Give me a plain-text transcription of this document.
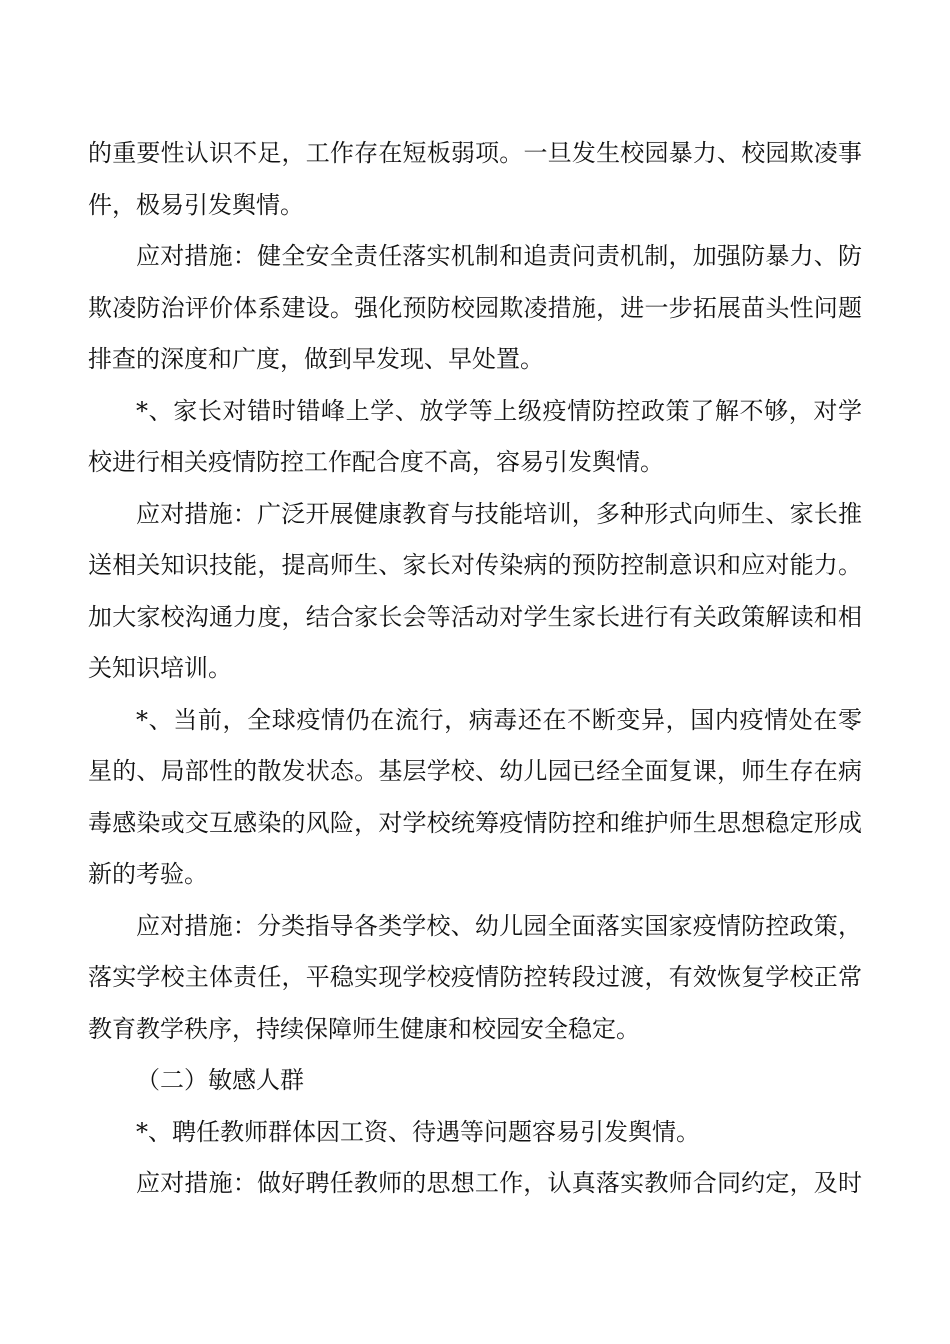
的重要性认识不足，工作存在短板弱项。一旦发生校园暴力、校园欺凌事
件，极易引发舆情。
应对措施：健全安全责任落实机制和追责问责机制，加强防暴力、防
欺凌防治评价体系建设。强化预防校园欺凌措施，进一步拓展苗头性问题
排查的深度和广度，做到早发现、早处置。
*、家长对错时错峰上学、放学等上级疫情防控政策了解不够，对学
校进行相关疫情防控工作配合度不高，容易引发舆情。
应对措施：广泛开展健康教育与技能培训，多种形式向师生、家长推
送相关知识技能，提高师生、家长对传染病的预防控制意识和应对能力。
加大家校沟通力度，结合家长会等活动对学生家长进行有关政策解读和相
关知识培训。
*、当前，全球疫情仍在流行，病毒还在不断变异，国内疫情处在零
星的、局部性的散发状态。基层学校、幼儿园已经全面复课，师生存在病
毒感染或交互感染的风险，对学校统筹疫情防控和维护师生思想稳定形成
新的考验。
应对措施：分类指导各类学校、幼儿园全面落实国家疫情防控政策，
落实学校主体责任，平稳实现学校疫情防控转段过渡，有效恢复学校正常
教育教学秩序，持续保障师生健康和校园安全稳定。
（二）敏感人群
*、聘任教师群体因工资、待遇等问题容易引发舆情。
应对措施：做好聘任教师的思想工作，认真落实教师合同约定，及时
